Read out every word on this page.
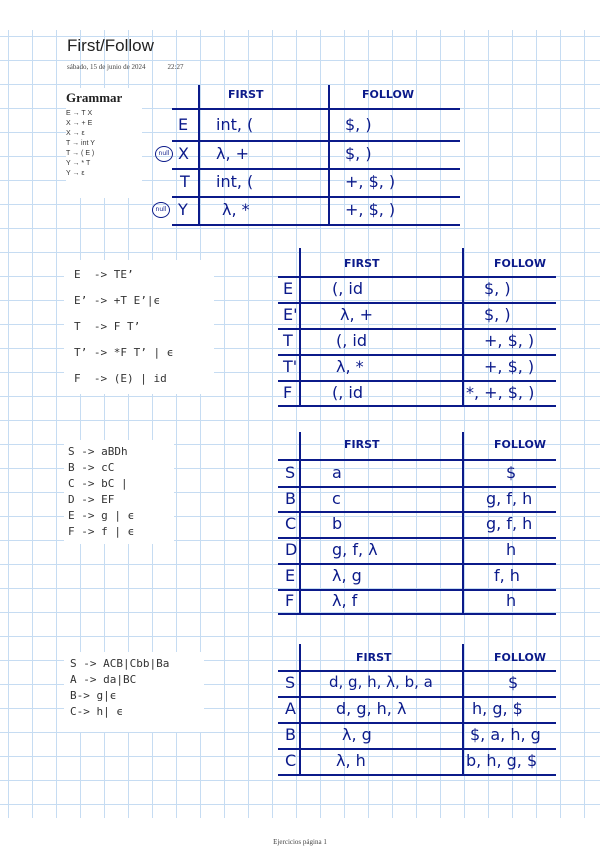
First/Follow
sábado, 15 de junio de 2024	22:27
Grammar
E → T X
X → + E
X → ε
T → int Y
T → ( E )
Y → * T
Y → ε
E  -> TE’
E’ -> +T E’|ϵ
T  -> F T’
T’ -> *F T’ | ϵ
F  -> (E) | id
S -> aBDh
B -> cC
C -> bC |
D -> EF
E -> g | ϵ
F -> f | ϵ
S -> ACB|Cbb|Ba
A -> da|BC
B-> g|ϵ
C-> h| ϵ
FIRST	FOLLOW
E int, (	$, )
null X λ, +	$, )
T int, (	+, $, )
null Y λ, *	+, $, )
FIRST	FOLLOW
E (, id	$, )
E'	λ, +	$, )
T	(, id	+, $, )
T' λ, *	+, $, )
F (, id	*, +, $, )
FIRST	FOLLOW
S a	$
B c	g, f, h
C b	g, f, h
D g, f, λ	h
E λ, g	f, h
F λ, f	h
FIRST	FOLLOW
S d, g, h, λ, b, a	$
A	d, g, h, λ	h, g, $
B	λ, g	$, a, h, g
C λ, h	b, h, g, $
Ejercicios página 1
